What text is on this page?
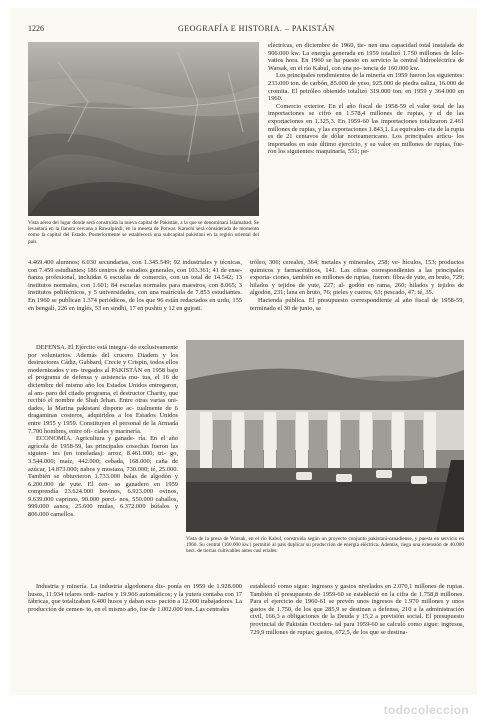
1226	GEOGRAFÍA E HISTORIA. – PAKISTÁN
Vista aérea del lugar donde será construida la nueva capital de Pakistán, a la que se denominará Islamabad. Se levantará en la llanura cercana a Rawalpindi, en la meseta de Potwar. Karachi será considerada de momento como la capital del Estado. Posteriormente se establecerá una subcapital pakistaní en la región oriental del país.

eléctricas, en diciembre de 1960, tie- nen una capacidad total instalada de 906.000 kw. La energía generada en 1959 totalizó 1.750 millones de kilo- vatios hora. En 1960 se ha puesto en servicio la central hidroeléctrica de Warsak, en el río Kabul, con una po- tencia de 160.000 kw.

Los principales rendimientos de la minería en 1959 fueron los siguientes: 233.000 ton. de carbón, 85.000 de yeso, 925.000 de piedra caliza, 16.000 de cromita. El petróleo obtenido totalizó 319.000 ton. en 1959 y 364.000 en 1960.

Comercio exterior. En el año fiscal de 1958-59 el valor total de las importaciones se cifró en 1.578,4 millones de rupias, y el de las exportaciones en 1.325,3. En 1959-60 las importaciones totalizaron 2.461 millones de rupias, y las exportaciones 1.843,1. La equivalen- cia de la rupia es de 21 centavos de dólar norteamericano. Los principales artícu- los importados en este último ejercicio, y su valor en millones de rupias, fue- ron los siguientes: maquinaria, 551; pe-

4.469.400 alumnos; 6.030 secundarias, con 1.345.549; 92 industriales y técnicas, con 7.459 estudiantes; 186 centros de estudios generales, con 103.361; 41 de ense- ñanza profesional, incluidas 6 escuelas de comercio, con un total de 14.542; 13 institutos normales, con 1.601; 84 escuelas normales para maestros, con 8.065; 3 institutos politécnicos, y 5 universidades, con una matrícula de 7.853 estudiantes. En 1960 se publican 1.374 periódicos, de los que 96 están redactados en urdu, 155 en bengalí, 226 en inglés, 53 en sindhi, 17 en pushtu y 12 en gujrati.

tróleo, 306; cereales, 364; metales y minerales, 258; ve- hículos, 153; productos químicos y farmacéuticos, 141. Las cifras correspondientes a las principales exporta- ciones, también en millones de rupias, fueron: fibra de yute, en bruto, 729; hilados y tejidos de yute, 227; al- godón en rama, 260; hilados y tejidos de algodón, 231; lana en bruto, 76; pieles y cueros, 63; pescado, 47; té, 35.

Hacienda pública. El presupuesto correspondiente al año fiscal de 1958-59, terminado el 30 de junio, se

DEFENSA. El Ejército está integra- do exclusivamente por voluntarios. Además del crucero Diadem y los destructores Cádiz, Gabbard, Crecie y Crispin, todos ellos modernizados y en- tregados al PAKISTÁN en 1958 bajo el programa de defensa y asistencia mu- tua, el 16 de diciembre del mismo año los Estados Unidos entregaron, al am- paro del citado programa, el destructor Charity, que recibió el nombre de Shah Jehan. Entre otras varias uni- dades, la Marina pakistaní dispone ac- tualmente de 6 dragaminas costeros, adquiridos a los Estados Unidos entre 1955 y 1959. Constituyen el personal de la Armada 7.700 hombres, entre ofi- ciales y marinería.

ECONOMÍA. Agricultura y ganade- ría. En el año agrícola de 1958-59, las principales cosechas fueron las siguien- tes (en toneladas): arroz, 8.461.000; tri- go, 3.544.000; maíz, 442.000; cebada, 168.000; caña de azúcar, 14.873.000; nabos y mostaza, 730.000; té, 25.000. También se obtuvieron 1.733.000 balas de algodón y 6.200.000 de yute. El cen- so ganadero en 1959 comprendía 23.624.000 bovinos, 6.923.000 ovinos, 9.639.000 caprinos, 90.000 porci- nos, 550.000 caballos, 999.000 asnos, 25.600 mulas, 6.372.000 búfalos y 806.000 camellos.

Industria y minería. La industria algodonera dis- ponía en 1959 de 1.928.000 husos, 11.934 telares ordi- narios y 19.966 automáticos; y la yutera contaba con 17 fábricas, que totalizaban 6.400 husos y daban ocu- pación a 12.000 trabajadores. La producción de cemen- to, en el mismo año, fue de 1.002.000 ton. Las centrales

Vista de la presa de Warsak, en el río Kabul, construida según un proyecto conjunto pakistaní-canadiense, y puesta en servicio en 1960. Su central (160.000 kw.) permitió al país duplicar su producción de energía eléctrica. Además, riega una extensión de 40.000 hect. de tierras cultivables antes casi eriales.

estableció como sigue: ingresos y gastos nivelados en 2.070,1 millones de rupias. También el presupuesto de 1959-60 se estableció en la cifra de 1.758,8 millones. Para el ejercicio de 1960-61 se prevén unos ingresos de 1.970 millones y unos gastos de 1.750, de los que 285,9 se destinan a defensa, 210 a la administración civil, 166,3 a obligaciones de la Deuda y 15,2 a previsión social. El presupuesto provincial de Pakistán Occiden- tal para 1959-60 se calculó como sigue: ingresos, 729,9 millones de rupias; gastos, 672,5, de los que se destina-

todocoleccion
